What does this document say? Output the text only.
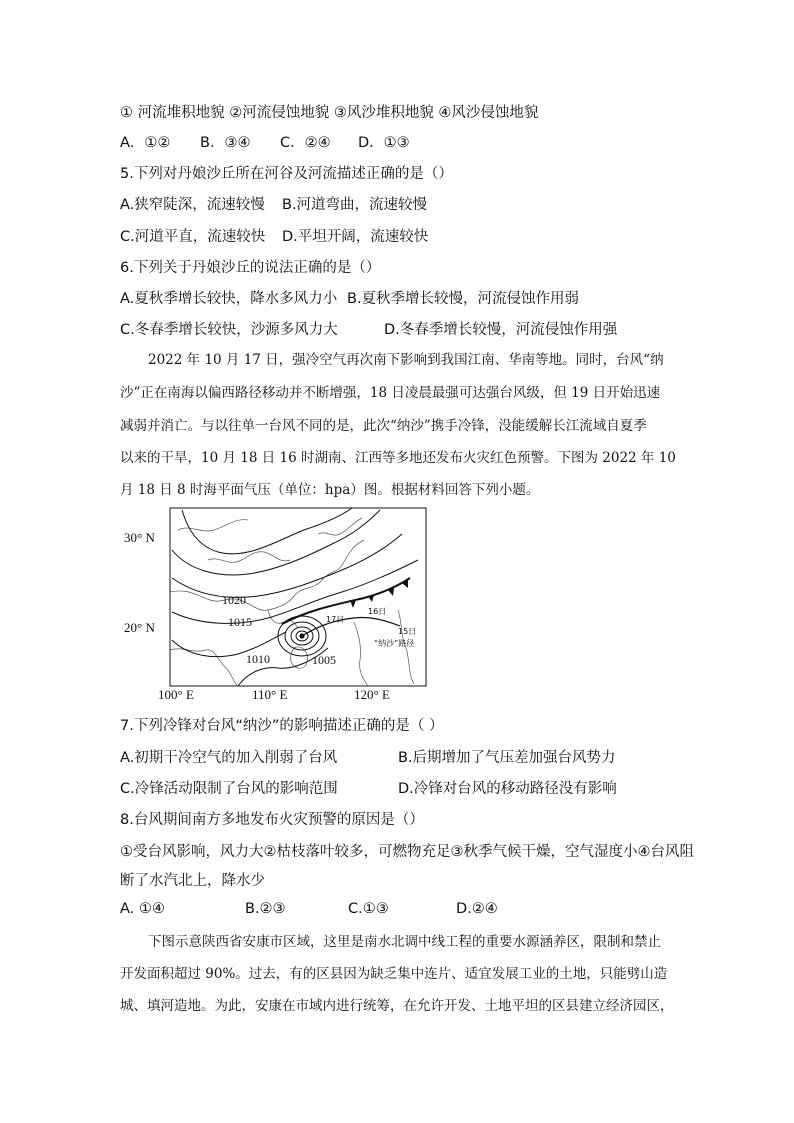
① 河流堆积地貌 ②河流侵蚀地貌 ③风沙堆积地貌 ④风沙侵蚀地貌
A．①② B．③④ C．②④ D．①③
5.下列对丹娘沙丘所在河谷及河流描述正确的是（）
A.狭窄陡深，流速较慢 B.河道弯曲，流速较慢
C.河道平直，流速较快 D.平坦开阔，流速较快
6.下列关于丹娘沙丘的说法正确的是（）
A.夏秋季增长较快，降水多风力小 B.夏秋季增长较慢，河流侵蚀作用弱
C.冬春季增长较快，沙源多风力大	D.冬春季增长较慢，河流侵蚀作用强
2022 年 10 月 17 日，强冷空气再次南下影响到我国江南、华南等地。同时，台风“纳
沙”正在南海以偏西路径移动并不断增强，18 日凌晨最强可达强台风级，但 19 日开始迅速
减弱并消亡。与以往单一台风不同的是，此次“纳沙”携手冷锋，没能缓解长江流域自夏季
以来的干旱，10 月 18 日 16 时湖南、江西等多地还发布火灾红色预警。下图为 2022 年 10
月 18 日 8 时海平面气压（单位：hpa）图。根据材料回答下列小题。
30° N
20° N
1020
1015
1010	1005
15日
16日
17日
“纳沙”路径
100° E	110° E	120° E
7.下列冷锋对台风“纳沙”的影响描述正确的是（ ）
A.初期干冷空气的加入削弱了台风	B.后期增加了气压差加强台风势力
C.冷锋活动限制了台风的影响范围	D.冷锋对台风的移动路径没有影响
8.台风期间南方多地发布火灾预警的原因是（）
①受台风影响，风力大②枯枝落叶较多，可燃物充足③秋季气候干燥，空气湿度小④台风阻
断了水汽北上，降水少
A. ①④	B.②③	C.①③	D.②④
下图示意陕西省安康市区域，这里是南水北调中线工程的重要水源涵养区，限制和禁止
开发面积超过 90%。过去，有的区县因为缺乏集中连片、适宜发展工业的土地，只能劈山造
城、填河造地。为此，安康在市域内进行统筹，在允许开发、土地平坦的区县建立经济园区，
